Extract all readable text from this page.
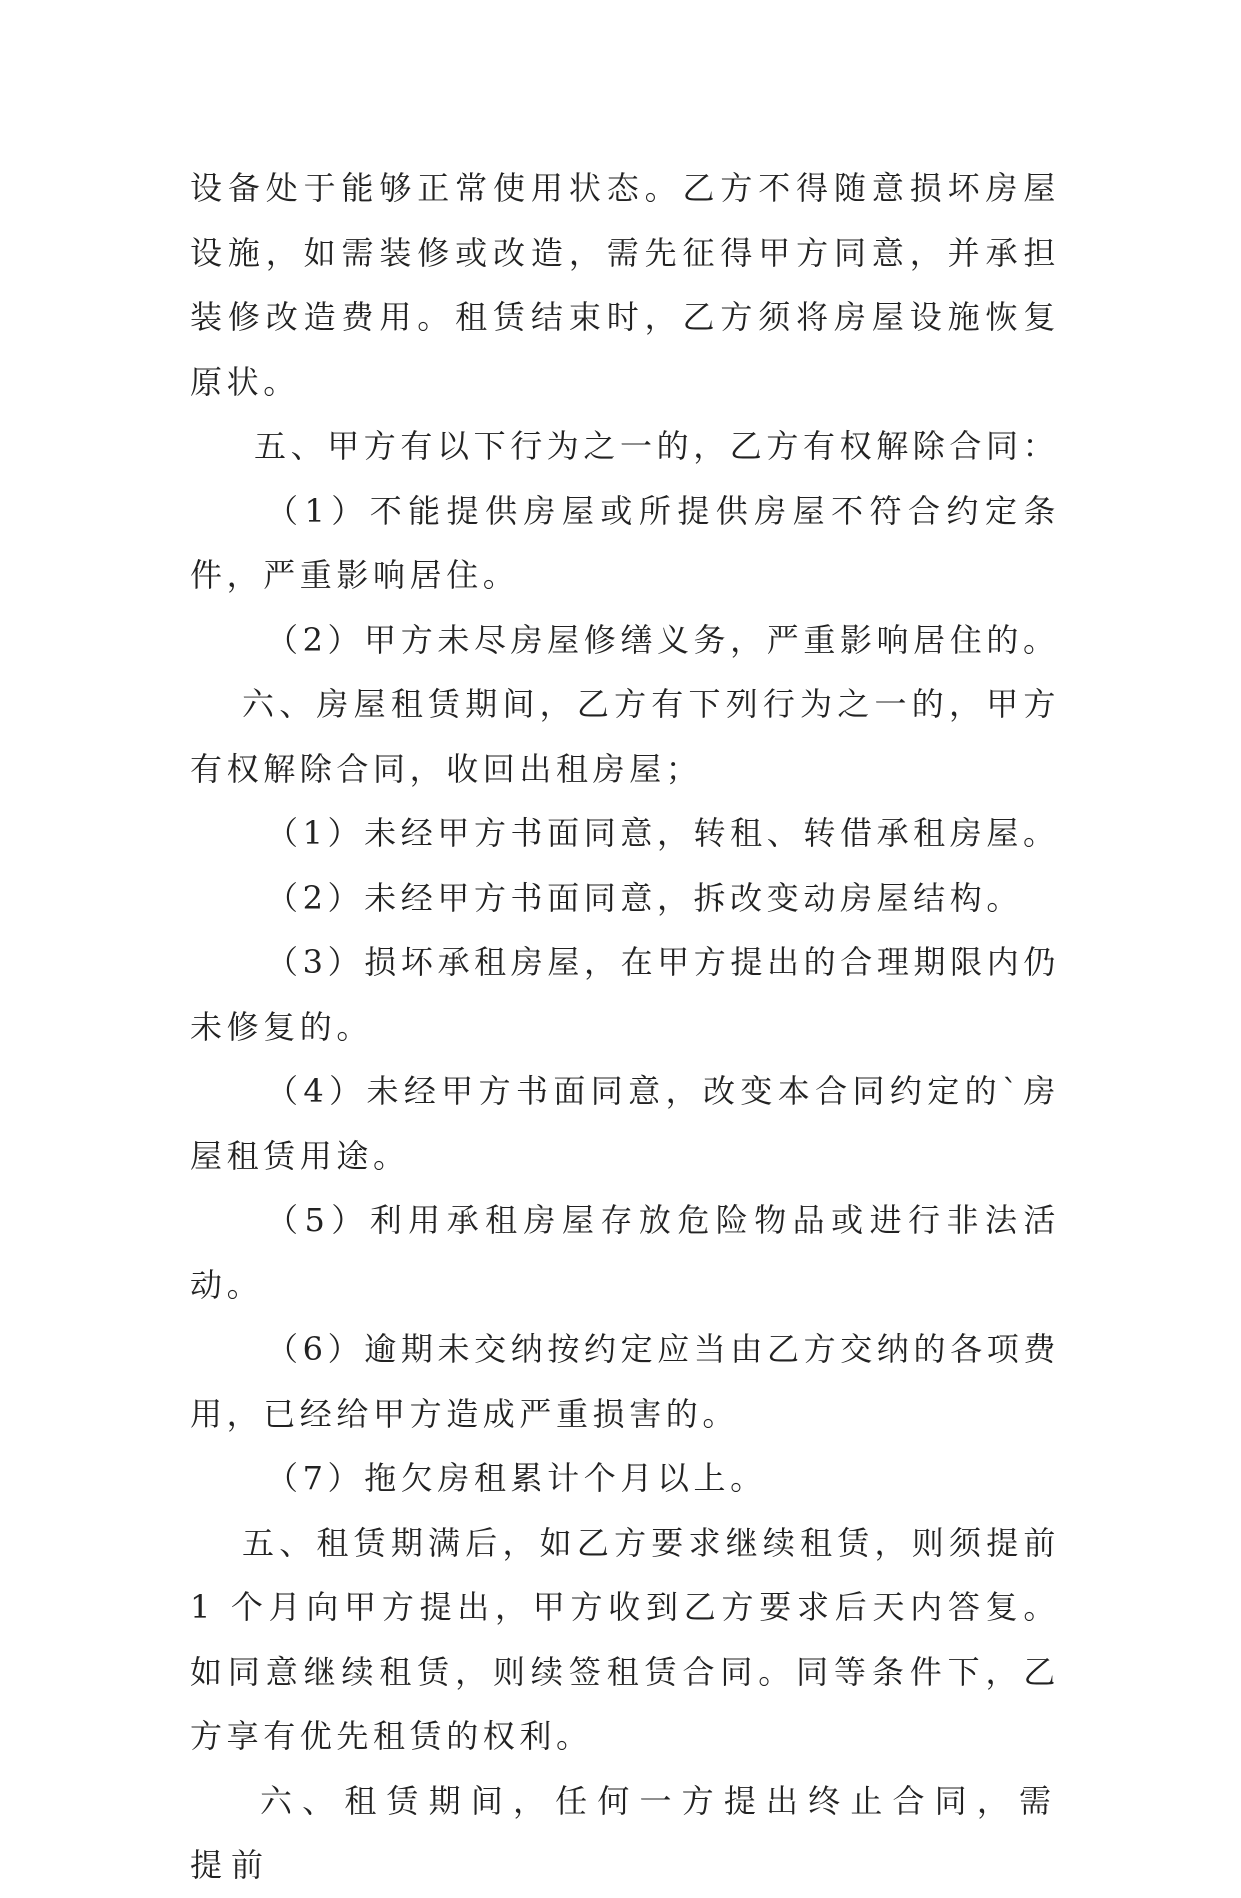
设备处于能够正常使用状态。乙方不得随意损坏房屋设施，如需装修或改造，需先征得甲方同意，并承担装修改造费用。租赁结束时，乙方须将房屋设施恢复原状。

五、甲方有以下行为之一的，乙方有权解除合同：

（1）不能提供房屋或所提供房屋不符合约定条件，严重影响居住。

（2）甲方未尽房屋修缮义务，严重影响居住的。

六、房屋租赁期间，乙方有下列行为之一的，甲方有权解除合同，收回出租房屋；

（1）未经甲方书面同意，转租、转借承租房屋。

（2）未经甲方书面同意，拆改变动房屋结构。

（3）损坏承租房屋，在甲方提出的合理期限内仍未修复的。

（4）未经甲方书面同意，改变本合同约定的`房屋租赁用途。

（5）利用承租房屋存放危险物品或进行非法活动。

（6）逾期未交纳按约定应当由乙方交纳的各项费用，已经给甲方造成严重损害的。

（7）拖欠房租累计个月以上。

五、租赁期满后，如乙方要求继续租赁，则须提前 1 个月向甲方提出，甲方收到乙方要求后天内答复。如同意继续租赁，则续签租赁合同。同等条件下，乙方享有优先租赁的权利。

六、租赁期间，任何一方提出终止合同，需提前
